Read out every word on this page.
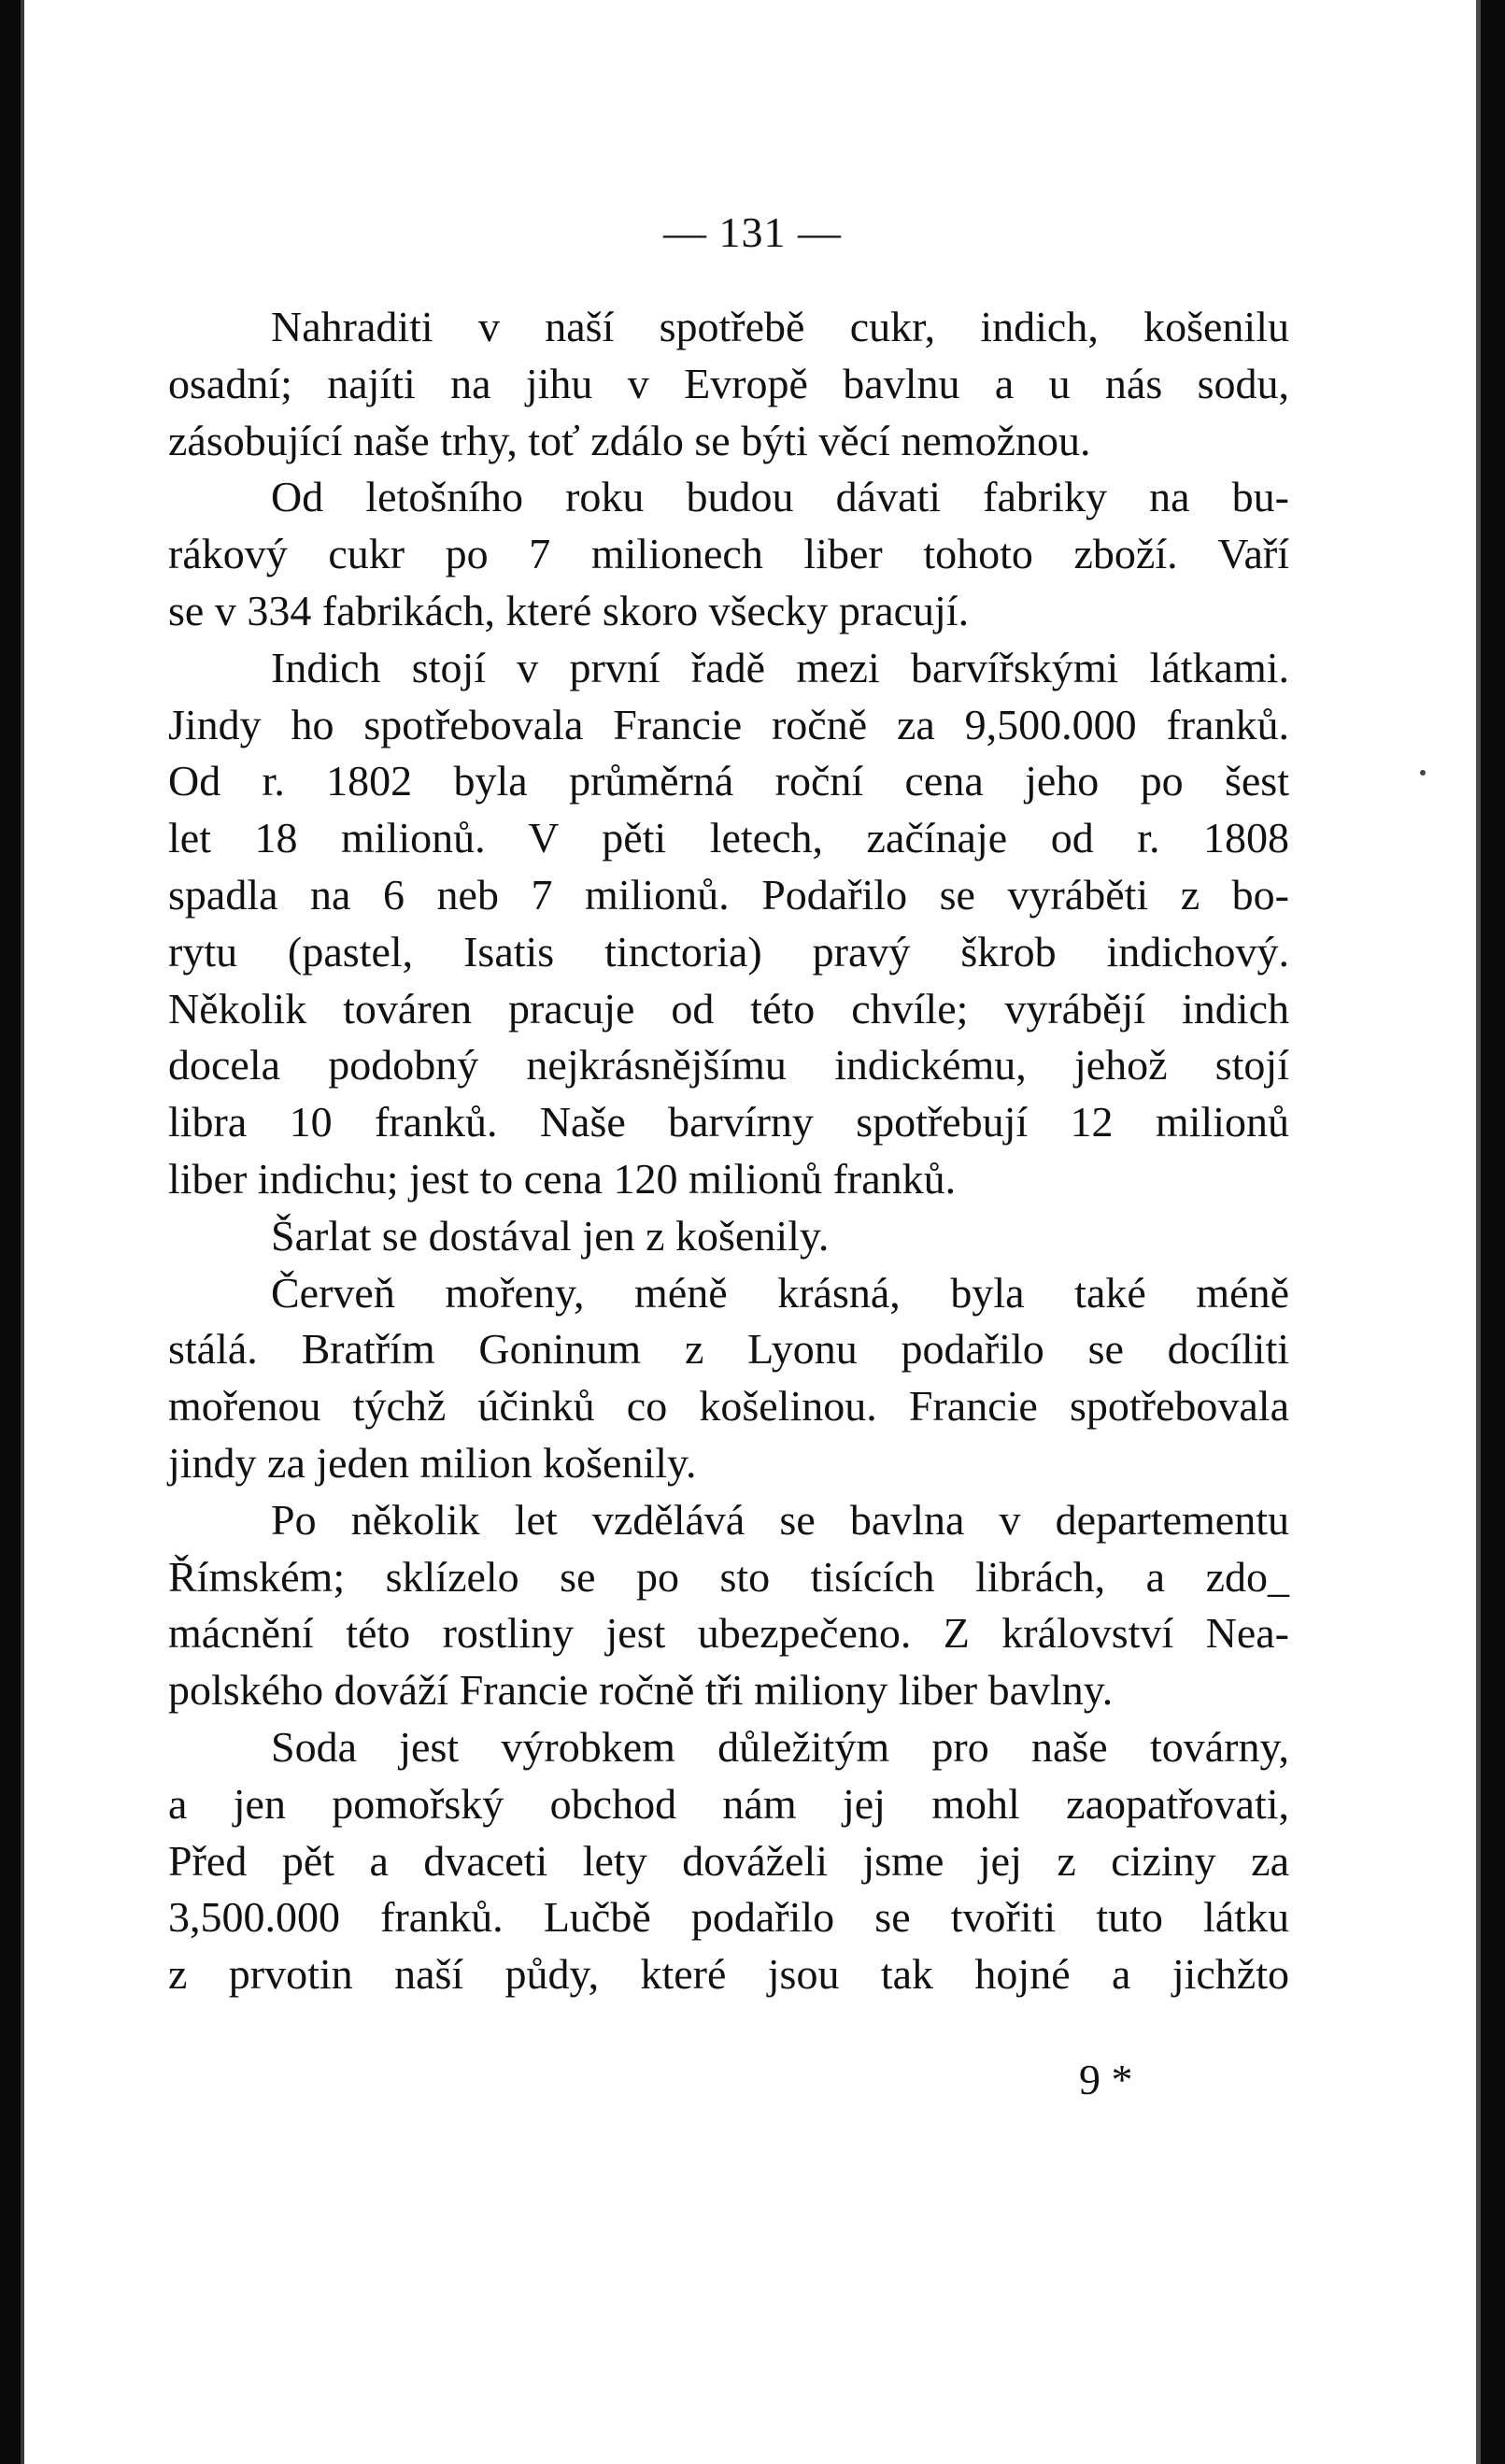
— 131 —
Nahraditi v naší spotřebě cukr, indich, košenilu
osadní; najíti na jihu v Evropě bavlnu a u nás sodu,
zásobující naše trhy, toť zdálo se býti věcí nemožnou.
Od letošního roku budou dávati fabriky na bu-
rákový cukr po 7 milionech liber tohoto zboží. Vaří
se v 334 fabrikách, které skoro všecky pracují.
Indich stojí v první řadě mezi barvířskými látkami.
Jindy ho spotřebovala Francie ročně za 9,500.000 franků.
Od r. 1802 byla průměrná roční cena jeho po šest
let 18 milionů. V pěti letech, začínaje od r. 1808
spadla na 6 neb 7 milionů. Podařilo se vyráběti z bo-
rytu (pastel, Isatis tinctoria) pravý škrob indichový.
Několik továren pracuje od této chvíle; vyrábějí indich
docela podobný nejkrásnějšímu indickému, jehož stojí
libra 10 franků. Naše barvírny spotřebují 12 milionů
liber indichu; jest to cena 120 milionů franků.
Šarlat se dostával jen z košenily.
Červeň mořeny, méně krásná, byla také méně
stálá. Bratřím Goninum z Lyonu podařilo se docíliti
mořenou týchž účinků co košelinou. Francie spotřebovala
jindy za jeden milion košenily.
Po několik let vzdělává se bavlna v departementu
Římském; sklízelo se po sto tisících librách, a zdo_
mácnění této rostliny jest ubezpečeno. Z království Nea-
polského dováží Francie ročně tři miliony liber bavlny.
Soda jest výrobkem důležitým pro naše továrny,
a jen pomořský obchod nám jej mohl zaopatřovati,
Před pět a dvaceti lety dováželi jsme jej z ciziny za
3,500.000 franků. Lučbě podařilo se tvořiti tuto látku
z prvotin naší půdy, které jsou tak hojné a jichžto
9 *
